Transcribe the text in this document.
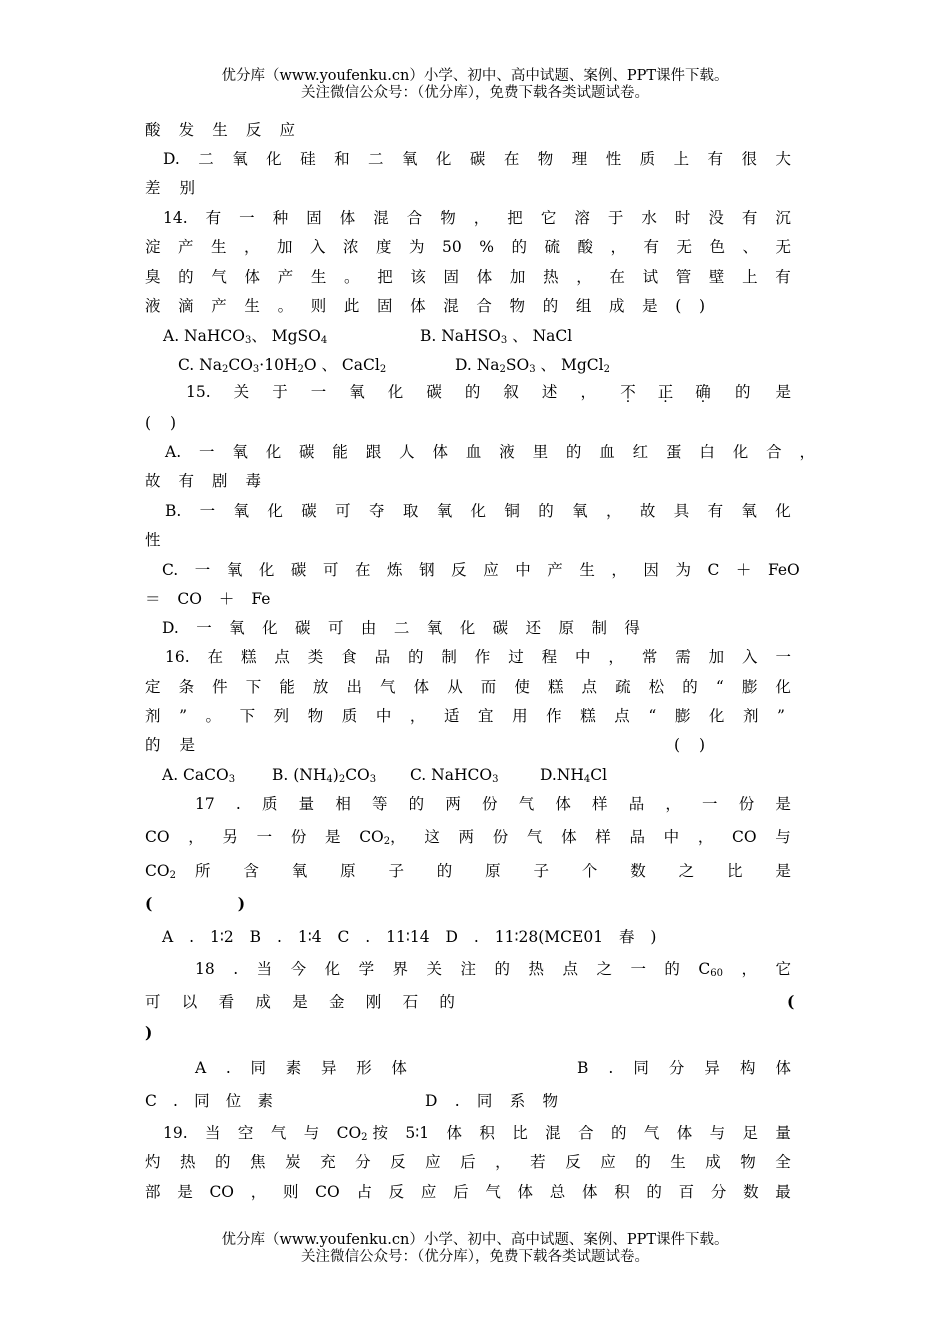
优分库（www.youfenku.cn）小学、初中、高中试题、案例、PPT课件下载。
关注微信公众号：（优分库），免费下载各类试题试卷。
酸 发 生 反 应
D. 二 氧 化 硅 和 二 氧 化 碳 在 物 理 性 质 上 有 很 大
差 别
14. 有 一 种 固 体 混 合 物 ， 把 它 溶 于 水 时 没 有 沉
淀 产 生 ， 加 入 浓 度 为 50 % 的 硫 酸 ， 有 无 色 、 无
臭 的 气 体 产 生 。 把 该 固 体 加 热 ， 在 试 管 壁 上 有
液 滴 产 生 。 则 此 固 体 混 合 物 的 组 成 是 ( )
A. NaHCO$_3$、 MgSO$_4$	B. NaHSO$_3$ 、 NaCl
C. $Na_2CO_3\cdot 10H_2O$ 、 CaCl$_2$	D. $Na_2SO_3$ 、 MgCl$_2$
15. 关 于 一 氧 化 碳 的 叙 述 ， 不 · 正 · 确 · 的 是
( )
A. 一 氧 化 碳 能 跟 人 体 血 液 里 的 血 红 蛋 白 化 合 ，
故 有 剧 毒
B. 一 氧 化 碳 可 夺 取 氧 化 铜 的 氧 ， 故 具 有 氧 化
性
C. 一 氧 化 碳 可 在 炼 钢 反 应 中 产 生 ， 因 为 C ＋ FeO
＝ CO ＋ Fe
D. 一 氧 化 碳 可 由 二 氧 化 碳 还 原 制 得
16. 在 糕 点 类 食 品 的 制 作 过 程 中 ， 常 需 加 入 一
定 条 件 下 能 放 出 气 体 从 而 使 糕 点 疏 松 的 “ 膨 化
剂 ” 。 下 列 物 质 中 ， 适 宜 用 作 糕 点 “ 膨 化 剂 ”
的 是	( )
A. CaCO$_3$ B. $(NH_4)_2CO_3$ C. NaHCO$_3$	$D.NH_4Cl$
17 . 质 量 相 等 的 两 份 气 体 样 品 ， 一 份 是
CO ， 另 一 份 是 $CO_2$， 这 两 份 气 体 样 品 中 ， CO 与
$CO_2$ 所 含 氧 原 子 的 原 子 个 数 之 比 是
( )
A . 1∶2 B . 1∶4 C . 11∶14 D . 11∶28(MCE01 春 )
18 . 当 今 化 学 界 关 注 的 热 点 之 一 的 $C_{60}$ ， 它
可 以 看 成 是 金 刚 石 的	(
)
A . 同 素 异 形 体	B . 同 分 异 构 体
C . 同 位 素	D . 同 系 物
19. 当 空 气 与 $CO_2$ 按 5∶1 体 积 比 混 合 的 气 体 与 足 量
灼 热 的 焦 炭 充 分 反 应 后 ， 若 反 应 的 生 成 物 全
部 是 CO ， 则 CO 占 反 应 后 气 体 总 体 积 的 百 分 数 最
优分库（www.youfenku.cn）小学、初中、高中试题、案例、PPT课件下载。
关注微信公众号：（优分库），免费下载各类试题试卷。
